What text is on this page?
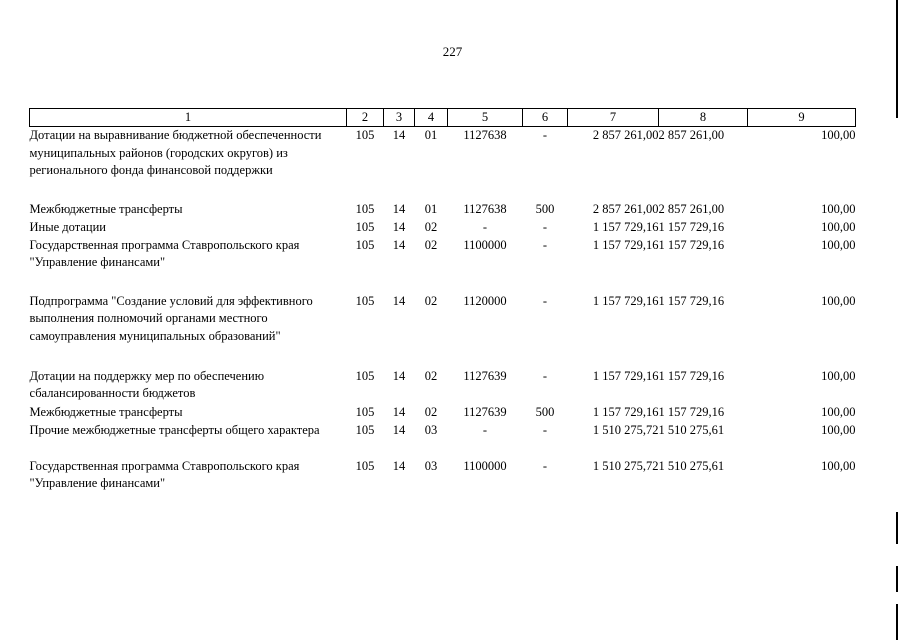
227
1	2	3	4	5	6	7	8	9
Дотации на выравнивание бюджетной обеспеченности муниципальных районов (городских округов) из регионального фонда финансовой поддержки	105	14	01	1127638	-	2 857 261,00	2 857 261,00	100,00
Межбюджетные трансферты	105	14	01	1127638	500	2 857 261,00	2 857 261,00	100,00
Иные дотации	105	14	02	-	-	1 157 729,16	1 157 729,16	100,00
Государственная программа Ставропольского края "Управление финансами"	105	14	02	1100000	-	1 157 729,16	1 157 729,16	100,00
Подпрограмма "Создание условий для эффективного выполнения полномочий органами местного самоуправления муниципальных образований"	105	14	02	1120000	-	1 157 729,16	1 157 729,16	100,00
Дотации на поддержку мер по обеспечению сбалансированности бюджетов	105	14	02	1127639	-	1 157 729,16	1 157 729,16	100,00
Межбюджетные трансферты	105	14	02	1127639	500	1 157 729,16	1 157 729,16	100,00
Прочие межбюджетные трансферты общего характера	105	14	03	-	-	1 510 275,72	1 510 275,61	100,00
Государственная программа Ставропольского края "Управление финансами"	105	14	03	1100000	-	1 510 275,72	1 510 275,61	100,00
